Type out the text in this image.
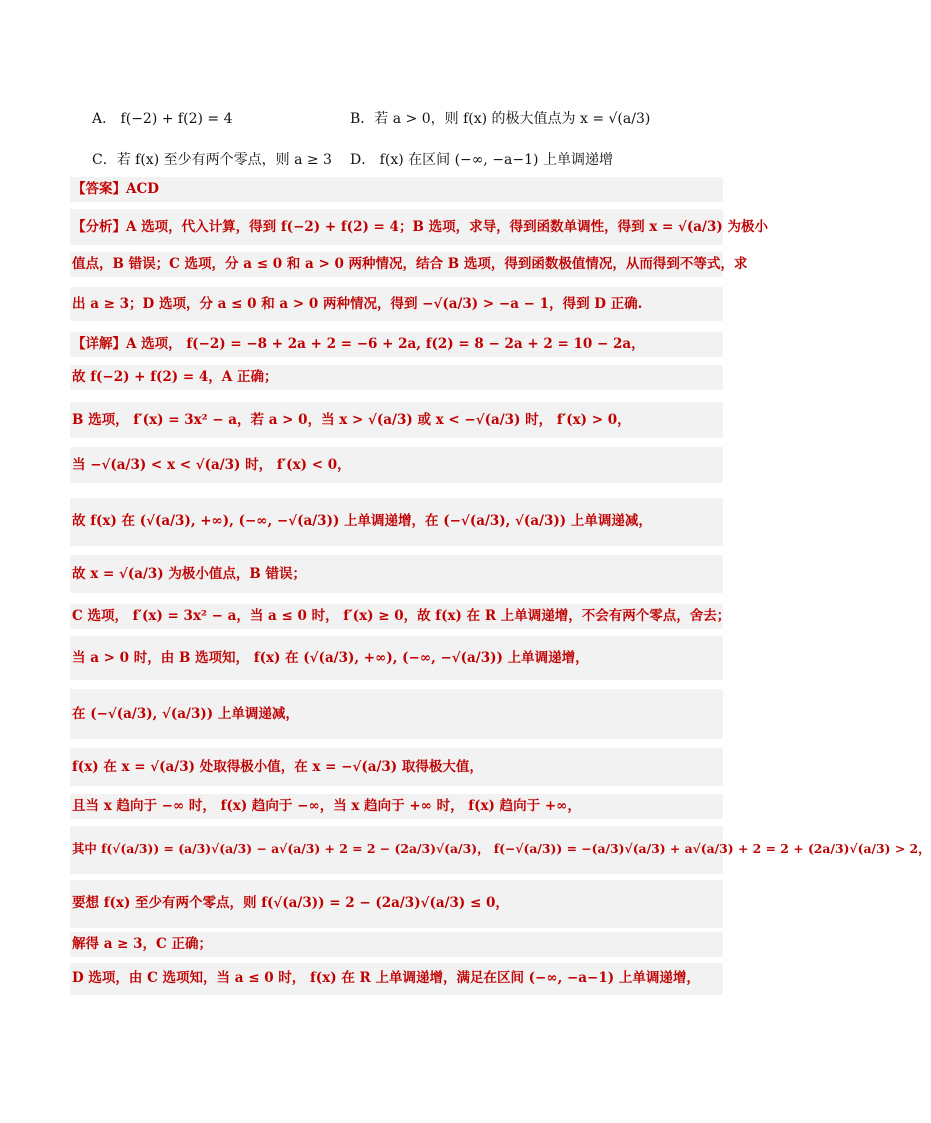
A． f(−2) + f(2) = 4	B．若 a > 0，则 f(x) 的极大值点为 x = √(a/3)
C．若 f(x) 至少有两个零点，则 a ≥ 3 D． f(x) 在区间 (−∞, −a−1) 上单调递增
【答案】ACD
【分析】A 选项，代入计算，得到 f(−2) + f(2) = 4；B 选项，求导，得到函数单调性，得到 x = √(a/3) 为极小
值点，B 错误；C 选项，分 a ≤ 0 和 a > 0 两种情况，结合 B 选项，得到函数极值情况，从而得到不等式，求
出 a ≥ 3；D 选项，分 a ≤ 0 和 a > 0 两种情况，得到 −√(a/3) > −a − 1，得到 D 正确.
【详解】A 选项， f(−2) = −8 + 2a + 2 = −6 + 2a, f(2) = 8 − 2a + 2 = 10 − 2a，
故 f(−2) + f(2) = 4，A 正确；
B 选项， f′(x) = 3x² − a，若 a > 0，当 x > √(a/3) 或 x < −√(a/3) 时， f′(x) > 0，
当 −√(a/3) < x < √(a/3) 时， f′(x) < 0，
故 f(x) 在 (√(a/3), +∞), (−∞, −√(a/3)) 上单调递增，在 (−√(a/3), √(a/3)) 上单调递减，
故 x = √(a/3) 为极小值点，B 错误；
C 选项， f′(x) = 3x² − a，当 a ≤ 0 时， f′(x) ≥ 0，故 f(x) 在 R 上单调递增，不会有两个零点，舍去；
当 a > 0 时，由 B 选项知， f(x) 在 (√(a/3), +∞), (−∞, −√(a/3)) 上单调递增，
在 (−√(a/3), √(a/3)) 上单调递减，
f(x) 在 x = √(a/3) 处取得极小值，在 x = −√(a/3) 取得极大值，
且当 x 趋向于 −∞ 时， f(x) 趋向于 −∞，当 x 趋向于 +∞ 时， f(x) 趋向于 +∞，
其中 f(√(a/3)) = (a/3)√(a/3) − a√(a/3) + 2 = 2 − (2a/3)√(a/3)， f(−√(a/3)) = −(a/3)√(a/3) + a√(a/3) + 2 = 2 + (2a/3)√(a/3) > 2，
要想 f(x) 至少有两个零点，则 f(√(a/3)) = 2 − (2a/3)√(a/3) ≤ 0，
解得 a ≥ 3，C 正确；
D 选项，由 C 选项知，当 a ≤ 0 时， f(x) 在 R 上单调递增，满足在区间 (−∞, −a−1) 上单调递增，
